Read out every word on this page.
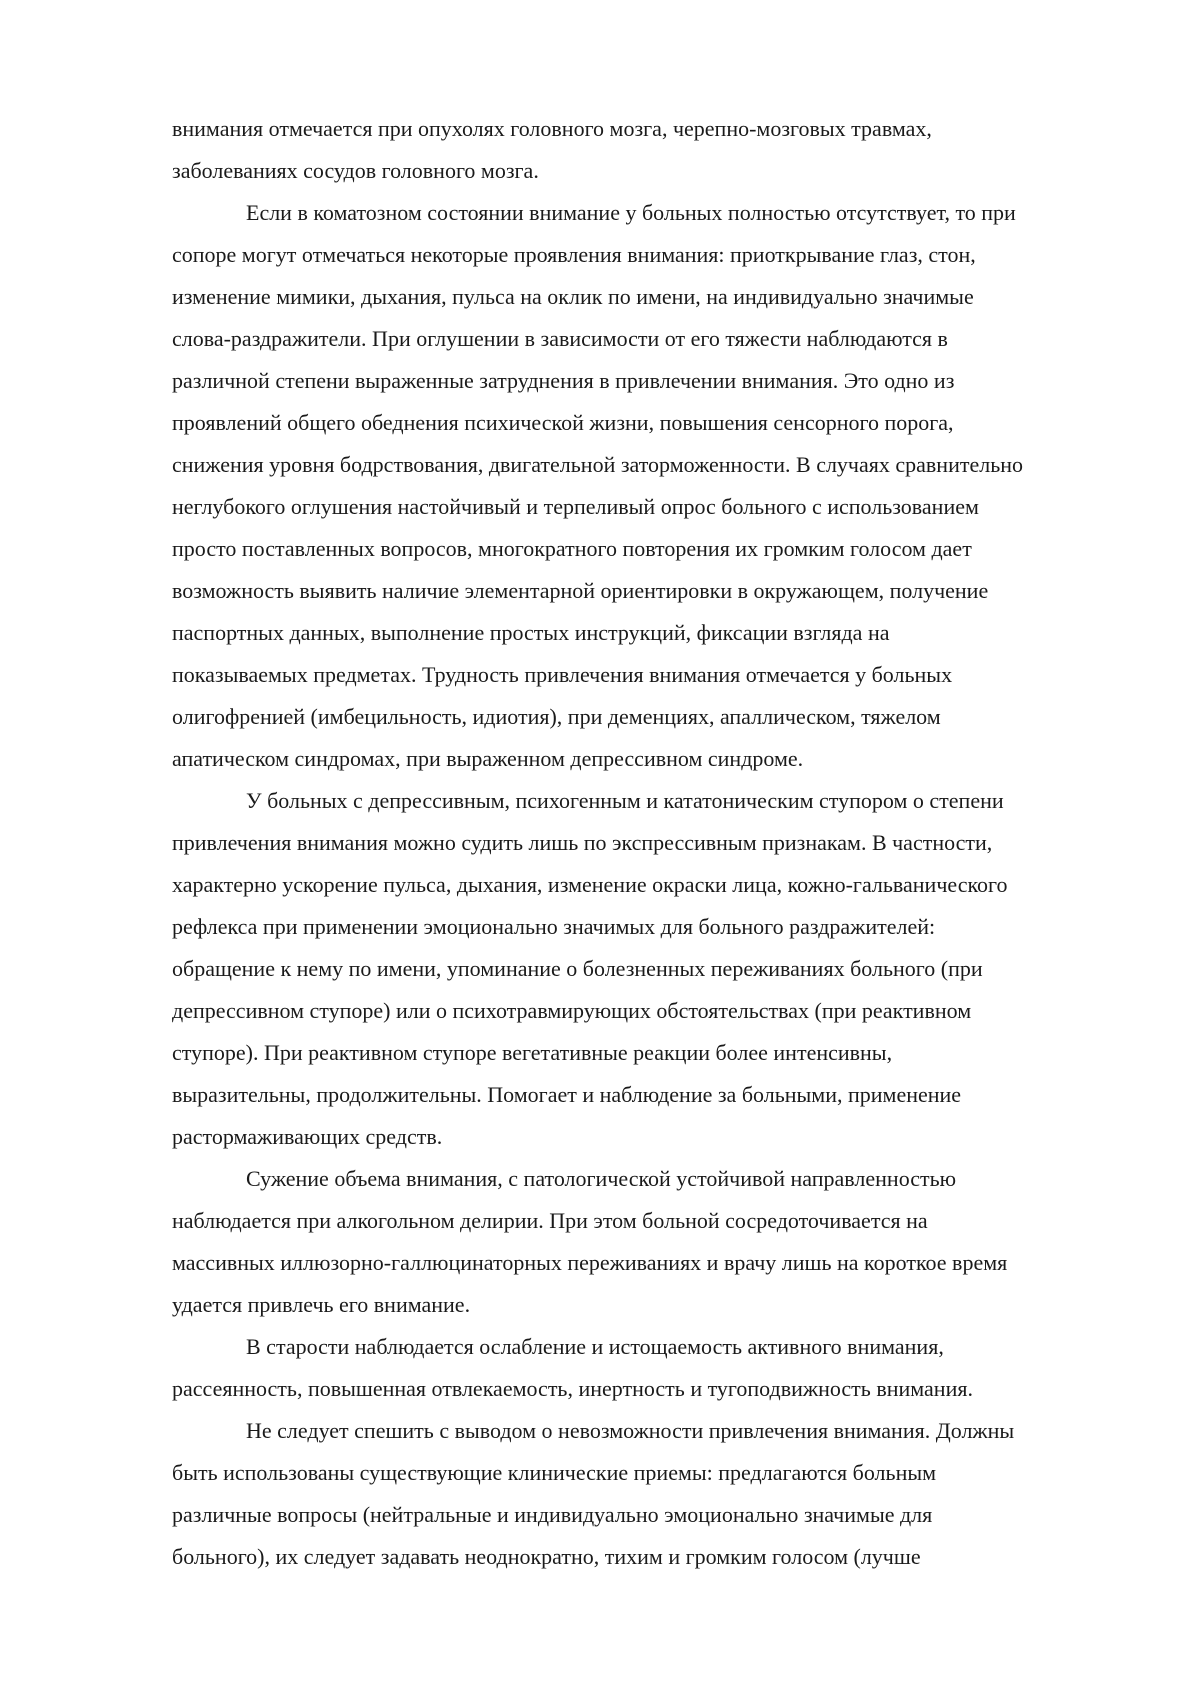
внимания отмечается при опухолях головного мозга, черепно-мозговых травмах,
заболеваниях сосудов головного мозга.
Если в коматозном состоянии внимание у больных полностью отсутствует, то при
сопоре могут отмечаться некоторые проявления внимания: приоткрывание глаз, стон,
изменение мимики, дыхания, пульса на оклик по имени, на индивидуально значимые
слова-раздражители. При оглушении в зависимости от его тяжести наблюдаются в
различной степени выраженные затруднения в привлечении внимания. Это одно из
проявлений общего обеднения психической жизни, повышения сенсорного порога,
снижения уровня бодрствования, двигательной заторможенности. В случаях сравнительно
неглубокого оглушения настойчивый и терпеливый опрос больного с использованием
просто поставленных вопросов, многократного повторения их громким голосом дает
возможность выявить наличие элементарной ориентировки в окружающем, получение
паспортных данных, выполнение простых инструкций, фиксации взгляда на
показываемых предметах. Трудность привлечения внимания отмечается у больных
олигофренией (имбецильность, идиотия), при деменциях, апаллическом, тяжелом
апатическом синдромах, при выраженном депрессивном синдроме.
У больных с депрессивным, психогенным и кататоническим ступором о степени
привлечения внимания можно судить лишь по экспрессивным признакам. В частности,
характерно ускорение пульса, дыхания, изменение окраски лица, кожно-гальванического
рефлекса при применении эмоционально значимых для больного раздражителей:
обращение к нему по имени, упоминание о болезненных переживаниях больного (при
депрессивном ступоре) или о психотравмирующих обстоятельствах (при реактивном
ступоре). При реактивном ступоре вегетативные реакции более интенсивны,
выразительны, продолжительны. Помогает и наблюдение за больными, применение
растормаживающих средств.
Сужение объема внимания, с патологической устойчивой направленностью
наблюдается при алкогольном делирии. При этом больной сосредоточивается на
массивных иллюзорно-галлюцинаторных переживаниях и врачу лишь на короткое время
удается привлечь его внимание.
В старости наблюдается ослабление и истощаемость активного внимания,
рассеянность, повышенная отвлекаемость, инертность и тугоподвижность внимания.
Не следует спешить с выводом о невозможности привлечения внимания. Должны
быть использованы существующие клинические приемы: предлагаются больным
различные вопросы (нейтральные и индивидуально эмоционально значимые для
больного), их следует задавать неоднократно, тихим и громким голосом (лучше
